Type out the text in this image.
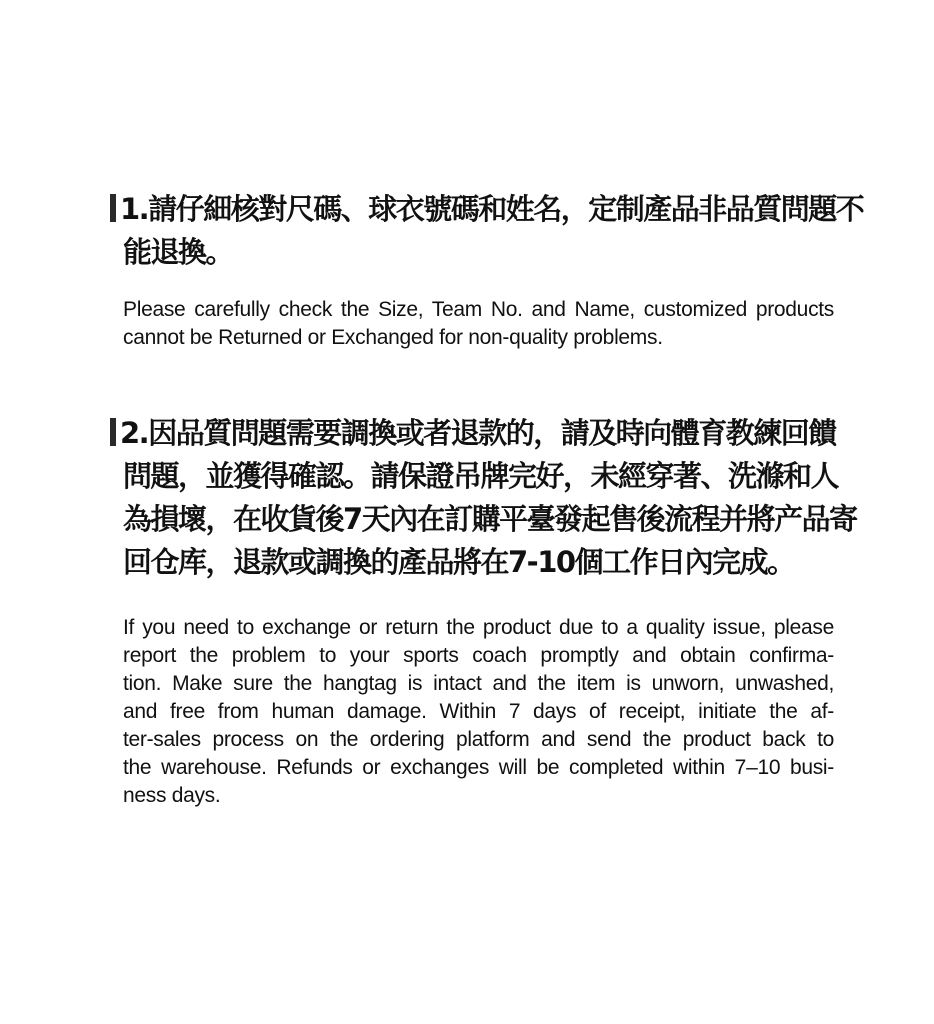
1.請仔細核對尺碼、球衣號碼和姓名，定制產品非品質問題不
能退換。

Please carefully check the Size, Team No. and Name, customized products
cannot be Returned or Exchanged for non-quality problems.

2.因品質問題需要調換或者退款的，請及時向體育教練回饋
問題，並獲得確認。請保證吊牌完好，未經穿著、洗滌和人
為損壞，在收貨後7天內在訂購平臺發起售後流程并將产品寄
回仓库，退款或調換的產品將在7-10個工作日內完成。

If you need to exchange or return the product due to a quality issue, please
report the problem to your sports coach promptly and obtain confirma-
tion. Make sure the hangtag is intact and the item is unworn, unwashed,
and free from human damage. Within 7 days of receipt, initiate the af-
ter-sales process on the ordering platform and send the product back to
the warehouse. Refunds or exchanges will be completed within 7–10 busi-
ness days.
